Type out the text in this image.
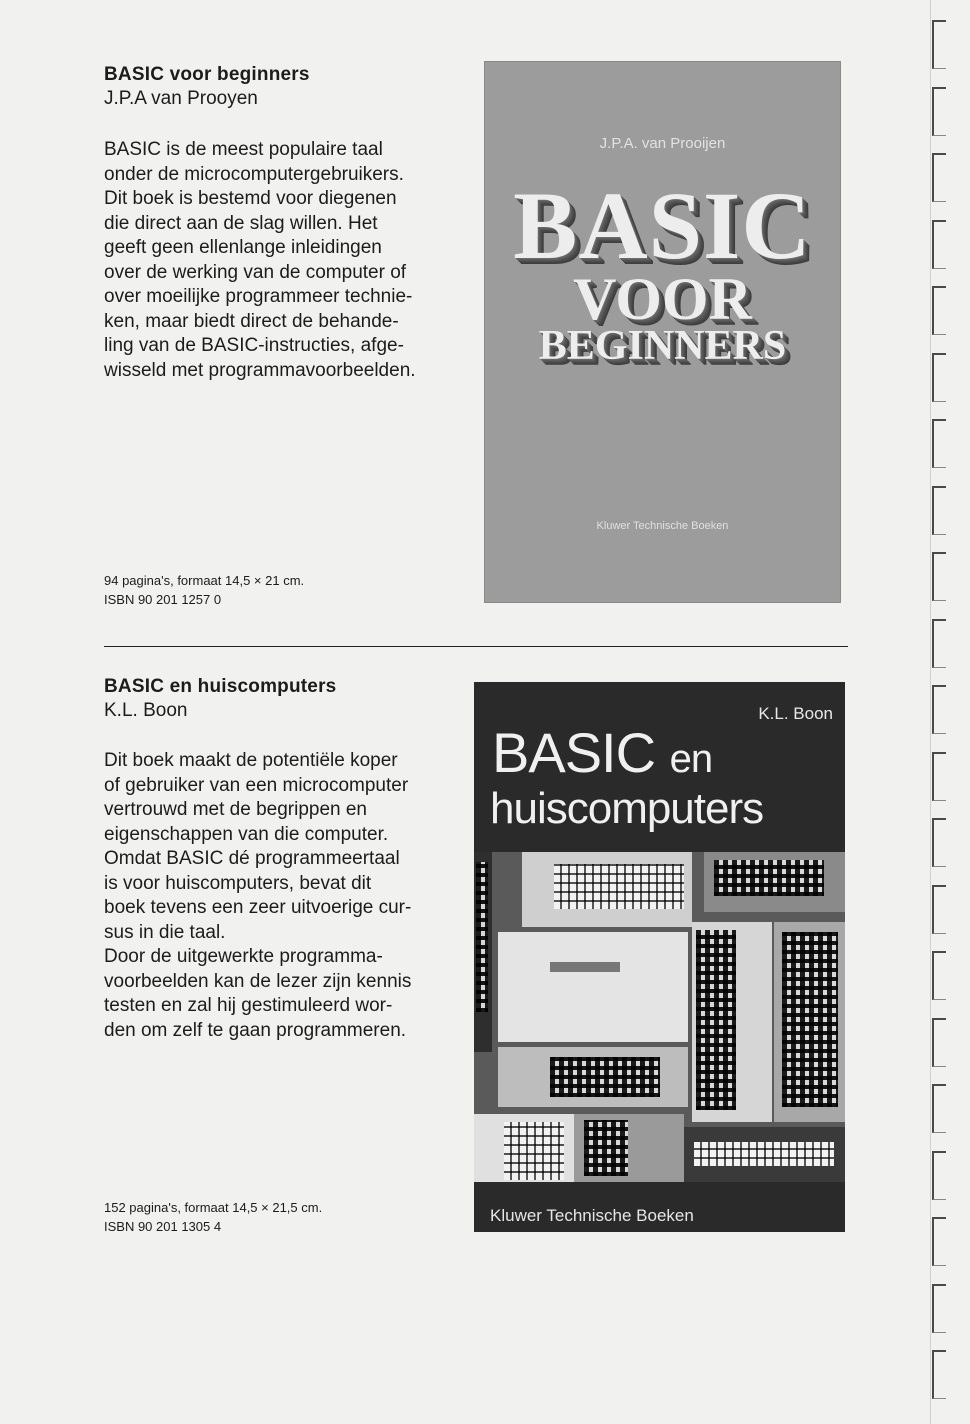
BASIC voor beginners
J.P.A van Prooyen
BASIC is de meest populaire taal
onder de microcomputergebruikers.
Dit boek is bestemd voor diegenen
die direct aan de slag willen. Het
geeft geen ellenlange inleidingen
over de werking van de computer of
over moeilijke programmeer technie-
ken, maar biedt direct de behande-
ling van de BASIC-instructies, afge-
wisseld met programmavoorbeelden.
94 pagina's, formaat 14,5 × 21 cm.
ISBN 90 201 1257 0
J.P.A. van Prooijen
BASIC
VOOR
BEGINNERS
Kluwer Technische Boeken
BASIC en huiscomputers
K.L. Boon
Dit boek maakt de potentiële koper
of gebruiker van een microcomputer
vertrouwd met de begrippen en
eigenschappen van die computer.
Omdat BASIC dé programmeertaal
is voor huiscomputers, bevat dit
boek tevens een zeer uitvoerige cur-
sus in die taal.
Door de uitgewerkte programma-
voorbeelden kan de lezer zijn kennis
testen en zal hij gestimuleerd wor-
den om zelf te gaan programmeren.
152 pagina's, formaat 14,5 × 21,5 cm.
ISBN 90 201 1305 4
K.L. Boon
BASIC en
huiscomputers
Kluwer Technische Boeken
